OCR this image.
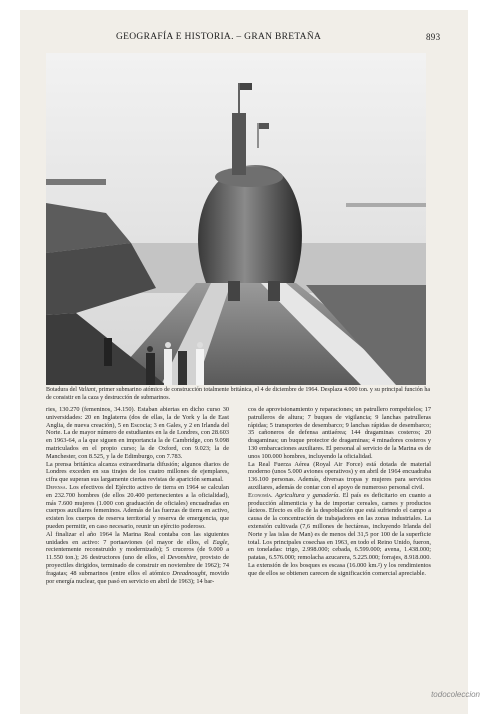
GEOGRAFÍA E HISTORIA. – GRAN BRETAÑA	893
Botadura del Valiant, primer submarino atómico de construcción totalmente británica, el 4 de diciembre de 1964. Desplaza 4.000 ton. y su principal función ha de consistir en la caza y destrucción de submarinos.

ries, 130.270 (femeninos, 34.150). Estaban abiertas en dicho curso 30 universidades: 20 en Inglaterra (dos de ellas, la de York y la de East Anglia, de nueva creación), 5 en Escocia; 3 en Gales, y 2 en Irlanda del Norte. La de mayor número de estudiantes en la de Londres, con 28.603 en 1963-64, a la que siguen en importancia la de Cambridge, con 9.098 matriculados en el propio curso; la de Oxford, con 9.023; la de Manchester, con 8.525, y la de Edimburgo, con 7.783.

La prensa británica alcanza extraordinaria difusión; algunos diarios de Londres exceden en sus tirajes de los cuatro millones de ejemplares, cifra que superan sus largamente ciertas revistas de aparición semanal.

Defensa. Los efectivos del Ejército activo de tierra en 1964 se calculan en 232.700 hombres (de ellos 20.400 pertenecientes a la oficialidad), más 7.600 mujeres (1.000 con graduación de oficiales) encuadradas en cuerpos auxiliares femeninos. Además de las fuerzas de tierra en activo, existen los cuerpos de reserva territorial y reserva de emergencia, que pueden permitir, en caso necesario, reunir un ejército poderoso.

Al finalizar el año 1964 la Marina Real contaba con las siguientes unidades en activo: 7 portaaviones (el mayor de ellos, el Eagle, recientemente reconstruido y modernizado); 5 cruceros (de 9.000 a 11.550 ton.); 26 destructores (uno de ellos, el Devonshire, provisto de proyectiles dirigidos, terminado de construir en noviembre de 1962); 74 fragatas; 48 submarinos (entre ellos el atómico Dreadnought, movido por energía nuclear, que pasó en servicio en abril de 1963); 14 bar-

cos de aprovisionamiento y reparaciones; un patrullero rompehielos; 17 patrulleros de altura; 7 buques de vigilancia; 9 lanchas patrulleras rápidas; 5 transportes de desembarco; 9 lanchas rápidas de desembarco; 35 cañoneros de defensa antiaérea; 144 dragaminas costeros; 20 dragaminas; un buque protector de dragaminas; 4 minadores costeros y 130 embarcaciones auxiliares. El personal al servicio de la Marina es de unos 100.000 hombres, incluyendo la oficialidad.

La Real Fuerza Aérea (Royal Air Force) está dotada de material moderno (unos 5.000 aviones operativos) y en abril de 1964 encuadraba 136.100 personas. Además, diversas tropas y mujeres para servicios auxiliares, además de contar con el apoyo de numeroso personal civil.

Economía. Agricultura y ganadería. El país es deficitario en cuanto a producción alimenticia y ha de importar cereales, carnes y productos lácteos. Efecto es ello de la despoblación que está sufriendo el campo a causa de la concentración de trabajadores en las zonas industriales. La extensión cultivada (7,6 millones de hectáreas, incluyendo Irlanda del Norte y las islas de Man) es de menos del 31,5 por 100 de la superficie total. Los principales cosechas en 1963, en todo el Reino Unido, fueron, en toneladas: trigo, 2.998.000; cebada, 6.599.000; avena, 1.438.000; patatas, 6.576.000; remolacha azucarera, 5.225.000; forrajes, 8.918.000. La extensión de los bosques es escasa (16.000 km.²) y los rendimientos que de ellos se obtienen carecen de significación comercial apreciable.

todocoleccion
